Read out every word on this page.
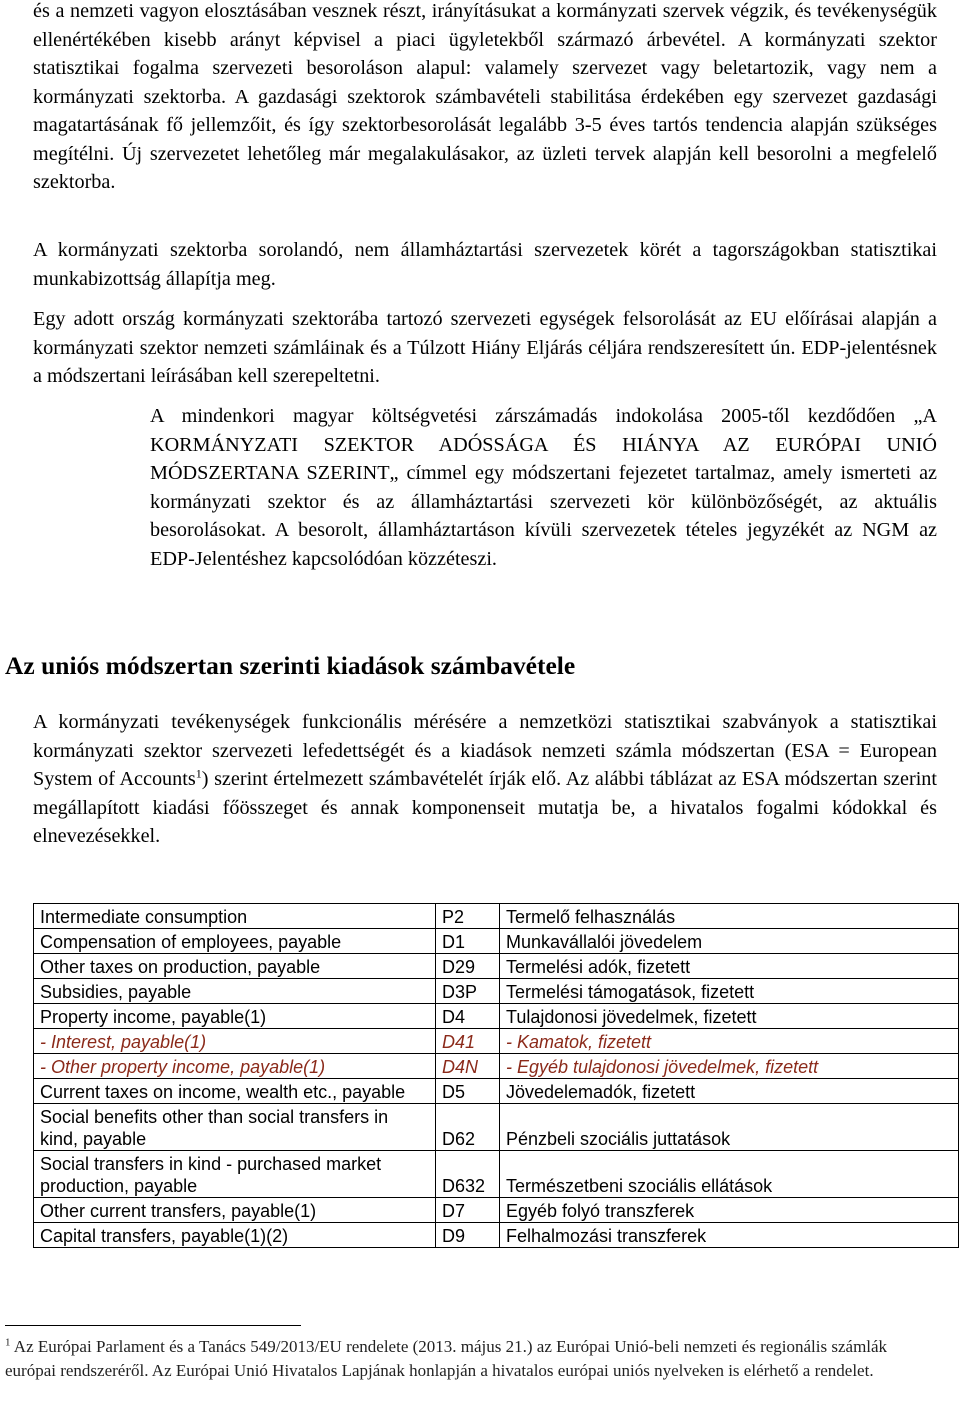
és a nemzeti vagyon elosztásában vesznek részt, irányításukat a kormányzati szervek végzik, és tevékenységük ellenértékében kisebb arányt képvisel a piaci ügyletekből származó árbevétel. A kormányzati szektor statisztikai fogalma szervezeti besoroláson alapul: valamely szervezet vagy beletartozik, vagy nem a kormányzati szektorba. A gazdasági szektorok számbavételi stabilitása érdekében egy szervezet gazdasági magatartásának fő jellemzőit, és így szektorbesorolását legalább 3-5 éves tartós tendencia alapján szükséges megítélni. Új szervezetet lehetőleg már megalakulásakor, az üzleti tervek alapján kell besorolni a megfelelő szektorba.

A kormányzati szektorba sorolandó, nem államháztartási szervezetek körét a tagországokban statisztikai munkabizottság állapítja meg.

Egy adott ország kormányzati szektorába tartozó szervezeti egységek felsorolását az EU előírásai alapján a kormányzati szektor nemzeti számláinak és a Túlzott Hiány Eljárás céljára rendszeresített ún. EDP-jelentésnek a módszertani leírásában kell szerepeltetni.

A mindenkori magyar költségvetési zárszámadás indokolása 2005-től kezdődően „A KORMÁNYZATI SZEKTOR ADÓSSÁGA ÉS HIÁNYA AZ EURÓPAI UNIÓ MÓDSZERTANA SZERINT„ címmel egy módszertani fejezetet tartalmaz, amely ismerteti az kormányzati szektor és az államháztartási szervezeti kör különbözőségét, az aktuális besorolásokat. A besorolt, államháztartáson kívüli szervezetek tételes jegyzékét az NGM az EDP-Jelentéshez kapcsolódóan közzéteszi.

Az uniós módszertan szerinti kiadások számbavétele

A kormányzati tevékenységek funkcionális mérésére a nemzetközi statisztikai szabványok a statisztikai kormányzati szektor szervezeti lefedettségét és a kiadások nemzeti számla módszertan (ESA = European System of Accounts$^1$) szerint értelmezett számbavételét írják elő. Az alábbi táblázat az ESA módszertan szerint megállapított kiadási főösszeget és annak komponenseit mutatja be, a hivatalos fogalmi kódokkal és elnevezésekkel.

Intermediate consumption	P2	Termelő felhasználás
Compensation of employees, payable	D1	Munkavállalói jövedelem
Other taxes on production, payable	D29	Termelési adók, fizetett
Subsidies, payable	D3P	Termelési támogatások, fizetett
Property income, payable(1)	D4	Tulajdonosi jövedelmek, fizetett
- Interest, payable(1)	D41	- Kamatok, fizetett
- Other property income, payable(1)	D4N	- Egyéb tulajdonosi jövedelmek, fizetett
Current taxes on income, wealth etc., payable	D5	Jövedelemadók, fizetett
Social benefits other than social transfers in kind, payable	D62	Pénzbeli szociális juttatások
Social transfers in kind - purchased market production, payable	D632	Természetbeni szociális ellátások
Other current transfers, payable(1)	D7	Egyéb folyó transzferek
Capital transfers, payable(1)(2)	D9	Felhalmozási transzferek

$^1$ Az Európai Parlament és a Tanács 549/2013/EU rendelete (2013. május 21.) az Európai Unió-beli nemzeti és regionális számlák európai rendszeréről. Az Európai Unió Hivatalos Lapjának honlapján a hivatalos európai uniós nyelveken is elérhető a rendelet.
